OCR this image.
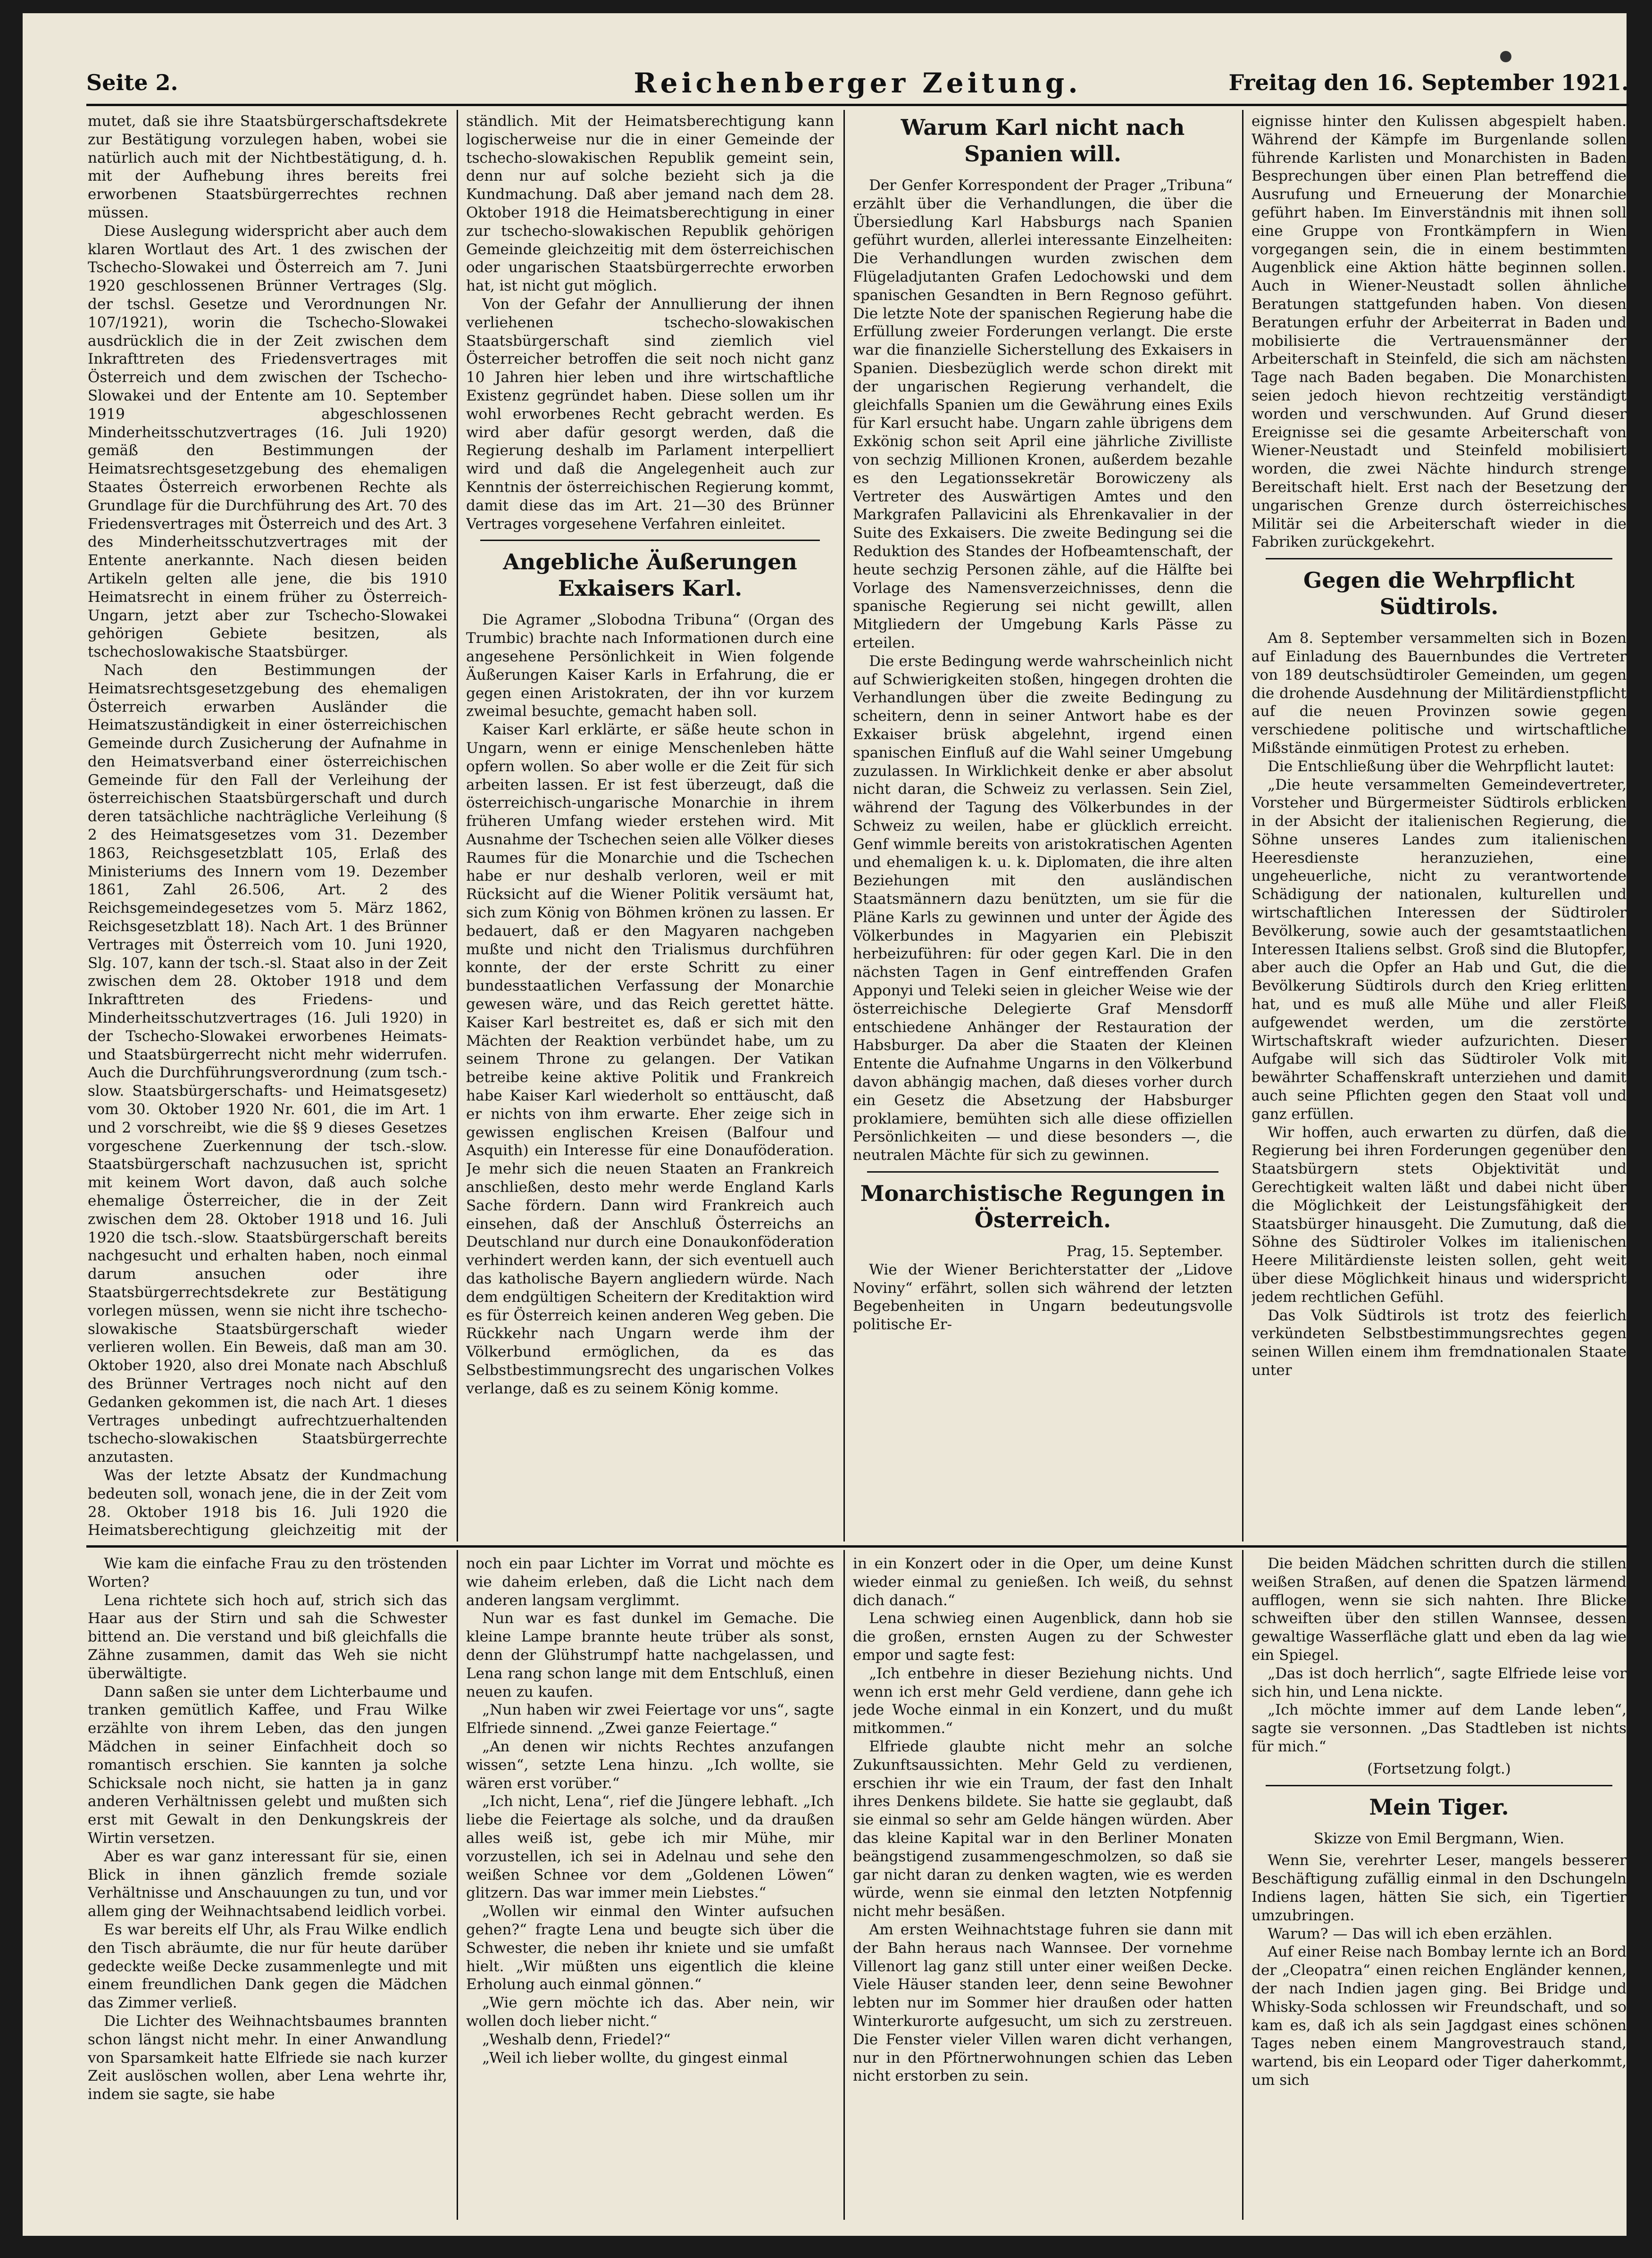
Seite 2.	Reichenberger Zeitung.	Freitag den 16. September 1921.

mutet, daß sie ihre Staatsbürgerschaftsdekrete zur Bestätigung vorzulegen haben, wobei sie natürlich auch mit der Nichtbestätigung, d. h. mit der Aufhebung ihres bereits frei erworbenen Staatsbürgerrechtes rechnen müssen.

Diese Auslegung widerspricht aber auch dem klaren Wortlaut des Art. 1 des zwischen der Tschecho-Slowakei und Österreich am 7. Juni 1920 geschlossenen Brünner Vertrages (Slg. der tschsl. Gesetze und Verordnungen Nr. 107/1921), worin die Tschecho-Slowakei ausdrücklich die in der Zeit zwischen dem Inkrafttreten des Friedensvertrages mit Österreich und dem zwischen der Tschecho-Slowakei und der Entente am 10. September 1919 abgeschlossenen Minderheitsschutzvertrages (16. Juli 1920) gemäß den Bestimmungen der Heimatsrechtsgesetzgebung des ehemaligen Staates Österreich erworbenen Rechte als Grundlage für die Durchführung des Art. 70 des Friedensvertrages mit Österreich und des Art. 3 des Minderheitsschutzvertrages mit der Entente anerkannte. Nach diesen beiden Artikeln gelten alle jene, die bis 1910 Heimatsrecht in einem früher zu Österreich-Ungarn, jetzt aber zur Tschecho-Slowakei gehörigen Gebiete besitzen, als tschechoslowakische Staatsbürger.

Nach den Bestimmungen der Heimatsrechtsgesetzgebung des ehemaligen Österreich erwarben Ausländer die Heimatszuständigkeit in einer österreichischen Gemeinde durch Zusicherung der Aufnahme in den Heimatsverband einer österreichischen Gemeinde für den Fall der Verleihung der österreichischen Staatsbürgerschaft und durch deren tatsächliche nachträgliche Verleihung (§ 2 des Heimatsgesetzes vom 31. Dezember 1863, Reichsgesetzblatt 105, Erlaß des Ministeriums des Innern vom 19. Dezember 1861, Zahl 26.506, Art. 2 des Reichsgemeindegesetzes vom 5. März 1862, Reichsgesetzblatt 18). Nach Art. 1 des Brünner Vertrages mit Österreich vom 10. Juni 1920, Slg. 107, kann der tsch.-sl. Staat also in der Zeit zwischen dem 28. Oktober 1918 und dem Inkrafttreten des Friedens- und Minderheitsschutzvertrages (16. Juli 1920) in der Tschecho-Slowakei erworbenes Heimats- und Staatsbürgerrecht nicht mehr widerrufen. Auch die Durchführungsverordnung (zum tsch.-slow. Staatsbürgerschafts- und Heimatsgesetz) vom 30. Oktober 1920 Nr. 601, die im Art. 1 und 2 vorschreibt, wie die §§ 9 dieses Gesetzes vorgeschene Zuerkennung der tsch.-slow. Staatsbürgerschaft nachzusuchen ist, spricht mit keinem Wort davon, daß auch solche ehemalige Österreicher, die in der Zeit zwischen dem 28. Oktober 1918 und 16. Juli 1920 die tsch.-slow. Staatsbürgerschaft bereits nachgesucht und erhalten haben, noch einmal darum ansuchen oder ihre Staatsbürgerrechtsdekrete zur Bestätigung vorlegen müssen, wenn sie nicht ihre tschecho-slowakische Staatsbürgerschaft wieder verlieren wollen. Ein Beweis, daß man am 30. Oktober 1920, also drei Monate nach Abschluß des Brünner Vertrages noch nicht auf den Gedanken gekommen ist, die nach Art. 1 dieses Vertrages unbedingt aufrechtzuerhaltenden tschecho-slowakischen Staatsbürgerrechte anzutasten.

Was der letzte Absatz der Kundmachung bedeuten soll, wonach jene, die in der Zeit vom 28. Oktober 1918 bis 16. Juli 1920 die Heimatsberechtigung gleichzeitig mit der

ständlich. Mit der Heimatsberechtigung kann logischerweise nur die in einer Gemeinde der tschecho-slowakischen Republik gemeint sein, denn nur auf solche bezieht sich ja die Kundmachung. Daß aber jemand nach dem 28. Oktober 1918 die Heimatsberechtigung in einer zur tschecho-slowakischen Republik gehörigen Gemeinde gleichzeitig mit dem österreichischen oder ungarischen Staatsbürgerrechte erworben hat, ist nicht gut möglich.

Von der Gefahr der Annullierung der ihnen verliehenen tschecho-slowakischen Staatsbürgerschaft sind ziemlich viel Österreicher betroffen die seit noch nicht ganz 10 Jahren hier leben und ihre wirtschaftliche Existenz gegründet haben. Diese sollen um ihr wohl erworbenes Recht gebracht werden. Es wird aber dafür gesorgt werden, daß die Regierung deshalb im Parlament interpelliert wird und daß die Angelegenheit auch zur Kenntnis der österreichischen Regierung kommt, damit diese das im Art. 21—30 des Brünner Vertrages vorgesehene Verfahren einleitet.

Angebliche Äußerungen Exkaisers Karl.

Die Agramer „Slobodna Tribuna“ (Organ des Trumbic) brachte nach Informationen durch eine angesehene Persönlichkeit in Wien folgende Äußerungen Kaiser Karls in Erfahrung, die er gegen einen Aristokraten, der ihn vor kurzem zweimal besuchte, gemacht haben soll.

Kaiser Karl erklärte, er säße heute schon in Ungarn, wenn er einige Menschenleben hätte opfern wollen. So aber wolle er die Zeit für sich arbeiten lassen. Er ist fest überzeugt, daß die österreichisch-ungarische Monarchie in ihrem früheren Umfang wieder erstehen wird. Mit Ausnahme der Tschechen seien alle Völker dieses Raumes für die Monarchie und die Tschechen habe er nur deshalb verloren, weil er mit Rücksicht auf die Wiener Politik versäumt hat, sich zum König von Böhmen krönen zu lassen. Er bedauert, daß er den Magyaren nachgeben mußte und nicht den Trialismus durchführen konnte, der der erste Schritt zu einer bundesstaatlichen Verfassung der Monarchie gewesen wäre, und das Reich gerettet hätte. Kaiser Karl bestreitet es, daß er sich mit den Mächten der Reaktion verbündet habe, um zu seinem Throne zu gelangen. Der Vatikan betreibe keine aktive Politik und Frankreich habe Kaiser Karl wiederholt so enttäuscht, daß er nichts von ihm erwarte. Eher zeige sich in gewissen englischen Kreisen (Balfour und Asquith) ein Interesse für eine Donauföderation. Je mehr sich die neuen Staaten an Frankreich anschließen, desto mehr werde England Karls Sache fördern. Dann wird Frankreich auch einsehen, daß der Anschluß Österreichs an Deutschland nur durch eine Donaukonföderation verhindert werden kann, der sich eventuell auch das katholische Bayern angliedern würde. Nach dem endgültigen Scheitern der Kreditaktion wird es für Österreich keinen anderen Weg geben. Die Rückkehr nach Ungarn werde ihm der Völkerbund ermöglichen, da es das Selbstbestimmungsrecht des ungarischen Volkes verlange, daß es zu seinem König komme.

Warum Karl nicht nach Spanien will.

Der Genfer Korrespondent der Prager „Tribuna“ erzählt über die Verhandlungen, die über die Übersiedlung Karl Habsburgs nach Spanien geführt wurden, allerlei interessante Einzelheiten: Die Verhandlungen wurden zwischen dem Flügeladjutanten Grafen Ledochowski und dem spanischen Gesandten in Bern Regnoso geführt. Die letzte Note der spanischen Regierung habe die Erfüllung zweier Forderungen verlangt. Die erste war die finanzielle Sicherstellung des Exkaisers in Spanien. Diesbezüglich werde schon direkt mit der ungarischen Regierung verhandelt, die gleichfalls Spanien um die Gewährung eines Exils für Karl ersucht habe. Ungarn zahle übrigens dem Exkönig schon seit April eine jährliche Zivilliste von sechzig Millionen Kronen, außerdem bezahle es den Legationssekretär Borowiczeny als Vertreter des Auswärtigen Amtes und den Markgrafen Pallavicini als Ehrenkavalier in der Suite des Exkaisers. Die zweite Bedingung sei die Reduktion des Standes der Hofbeamtenschaft, der heute sechzig Personen zähle, auf die Hälfte bei Vorlage des Namensverzeichnisses, denn die spanische Regierung sei nicht gewillt, allen Mitgliedern der Umgebung Karls Pässe zu erteilen.

Die erste Bedingung werde wahrscheinlich nicht auf Schwierigkeiten stoßen, hingegen drohten die Verhandlungen über die zweite Bedingung zu scheitern, denn in seiner Antwort habe es der Exkaiser brüsk abgelehnt, irgend einen spanischen Einfluß auf die Wahl seiner Umgebung zuzulassen. In Wirklichkeit denke er aber absolut nicht daran, die Schweiz zu verlassen. Sein Ziel, während der Tagung des Völkerbundes in der Schweiz zu weilen, habe er glücklich erreicht. Genf wimmle bereits von aristokratischen Agenten und ehemaligen k. u. k. Diplomaten, die ihre alten Beziehungen mit den ausländischen Staatsmännern dazu benützten, um sie für die Pläne Karls zu gewinnen und unter der Ägide des Völkerbundes in Magyarien ein Plebiszit herbeizuführen: für oder gegen Karl. Die in den nächsten Tagen in Genf eintreffenden Grafen Apponyi und Teleki seien in gleicher Weise wie der österreichische Delegierte Graf Mensdorff entschiedene Anhänger der Restauration der Habsburger. Da aber die Staaten der Kleinen Entente die Aufnahme Ungarns in den Völkerbund davon abhängig machen, daß dieses vorher durch ein Gesetz die Absetzung der Habsburger proklamiere, bemühten sich alle diese offiziellen Persönlichkeiten — und diese besonders —, die neutralen Mächte für sich zu gewinnen.

Monarchistische Regungen in Österreich.

Prag, 15. September.

Wie der Wiener Berichterstatter der „Lidove Noviny“ erfährt, sollen sich während der letzten Begebenheiten in Ungarn bedeutungsvolle politische Er-

eignisse hinter den Kulissen abgespielt haben. Während der Kämpfe im Burgenlande sollen führende Karlisten und Monarchisten in Baden Besprechungen über einen Plan betreffend die Ausrufung und Erneuerung der Monarchie geführt haben. Im Einverständnis mit ihnen soll eine Gruppe von Frontkämpfern in Wien vorgegangen sein, die in einem bestimmten Augenblick eine Aktion hätte beginnen sollen. Auch in Wiener-Neustadt sollen ähnliche Beratungen stattgefunden haben. Von diesen Beratungen erfuhr der Arbeiterrat in Baden und mobilisierte die Vertrauensmänner der Arbeiterschaft in Steinfeld, die sich am nächsten Tage nach Baden begaben. Die Monarchisten seien jedoch hievon rechtzeitig verständigt worden und verschwunden. Auf Grund dieser Ereignisse sei die gesamte Arbeiterschaft von Wiener-Neustadt und Steinfeld mobilisiert worden, die zwei Nächte hindurch strenge Bereitschaft hielt. Erst nach der Besetzung der ungarischen Grenze durch österreichisches Militär sei die Arbeiterschaft wieder in die Fabriken zurückgekehrt.

Gegen die Wehrpflicht Südtirols.

Am 8. September versammelten sich in Bozen auf Einladung des Bauernbundes die Vertreter von 189 deutschsüdtiroler Gemeinden, um gegen die drohende Ausdehnung der Militärdienstpflicht auf die neuen Provinzen sowie gegen verschiedene politische und wirtschaftliche Mißstände einmütigen Protest zu erheben.

Die Entschließung über die Wehrpflicht lautet:

„Die heute versammelten Gemeindevertreter, Vorsteher und Bürgermeister Südtirols erblicken in der Absicht der italienischen Regierung, die Söhne unseres Landes zum italienischen Heeresdienste heranzuziehen, eine ungeheuerliche, nicht zu verantwortende Schädigung der nationalen, kulturellen und wirtschaftlichen Interessen der Südtiroler Bevölkerung, sowie auch der gesamtstaatlichen Interessen Italiens selbst. Groß sind die Blutopfer, aber auch die Opfer an Hab und Gut, die die Bevölkerung Südtirols durch den Krieg erlitten hat, und es muß alle Mühe und aller Fleiß aufgewendet werden, um die zerstörte Wirtschaftskraft wieder aufzurichten. Dieser Aufgabe will sich das Südtiroler Volk mit bewährter Schaffenskraft unterziehen und damit auch seine Pflichten gegen den Staat voll und ganz erfüllen.

Wir hoffen, auch erwarten zu dürfen, daß die Regierung bei ihren Forderungen gegenüber den Staatsbürgern stets Objektivität und Gerechtigkeit walten läßt und dabei nicht über die Möglichkeit der Leistungsfähigkeit der Staatsbürger hinausgeht. Die Zumutung, daß die Söhne des Südtiroler Volkes im italienischen Heere Militärdienste leisten sollen, geht weit über diese Möglichkeit hinaus und widerspricht jedem rechtlichen Gefühl.

Das Volk Südtirols ist trotz des feierlich verkündeten Selbstbestimmungsrechtes gegen seinen Willen einem ihm fremdnationalen Staate unter

Wie kam die einfache Frau zu den tröstenden Worten?

Lena richtete sich hoch auf, strich sich das Haar aus der Stirn und sah die Schwester bittend an. Die verstand und biß gleichfalls die Zähne zusammen, damit das Weh sie nicht überwältigte.

Dann saßen sie unter dem Lichterbaume und tranken gemütlich Kaffee, und Frau Wilke erzählte von ihrem Leben, das den jungen Mädchen in seiner Einfachheit doch so romantisch erschien. Sie kannten ja solche Schicksale noch nicht, sie hatten ja in ganz anderen Verhältnissen gelebt und mußten sich erst mit Gewalt in den Denkungskreis der Wirtin versetzen.

Aber es war ganz interessant für sie, einen Blick in ihnen gänzlich fremde soziale Verhältnisse und Anschauungen zu tun, und vor allem ging der Weihnachtsabend leidlich vorbei.

Es war bereits elf Uhr, als Frau Wilke endlich den Tisch abräumte, die nur für heute darüber gedeckte weiße Decke zusammenlegte und mit einem freundlichen Dank gegen die Mädchen das Zimmer verließ.

Die Lichter des Weihnachtsbaumes brannten schon längst nicht mehr. In einer Anwandlung von Sparsamkeit hatte Elfriede sie nach kurzer Zeit auslöschen wollen, aber Lena wehrte ihr, indem sie sagte, sie habe

noch ein paar Lichter im Vorrat und möchte es wie daheim erleben, daß die Licht nach dem anderen langsam verglimmt.

Nun war es fast dunkel im Gemache. Die kleine Lampe brannte heute trüber als sonst, denn der Glühstrumpf hatte nachgelassen, und Lena rang schon lange mit dem Entschluß, einen neuen zu kaufen.

„Nun haben wir zwei Feiertage vor uns“, sagte Elfriede sinnend. „Zwei ganze Feiertage.“

„An denen wir nichts Rechtes anzufangen wissen“, setzte Lena hinzu. „Ich wollte, sie wären erst vorüber.“

„Ich nicht, Lena“, rief die Jüngere lebhaft. „Ich liebe die Feiertage als solche, und da draußen alles weiß ist, gebe ich mir Mühe, mir vorzustellen, ich sei in Adelnau und sehe den weißen Schnee vor dem „Goldenen Löwen“ glitzern. Das war immer mein Liebstes.“

„Wollen wir einmal den Winter aufsuchen gehen?“ fragte Lena und beugte sich über die Schwester, die neben ihr kniete und sie umfaßt hielt. „Wir müßten uns eigentlich die kleine Erholung auch einmal gönnen.“

„Wie gern möchte ich das. Aber nein, wir wollen doch lieber nicht.“

„Weshalb denn, Friedel?“

„Weil ich lieber wollte, du gingest einmal

in ein Konzert oder in die Oper, um deine Kunst wieder einmal zu genießen. Ich weiß, du sehnst dich danach.“

Lena schwieg einen Augenblick, dann hob sie die großen, ernsten Augen zu der Schwester empor und sagte fest:

„Ich entbehre in dieser Beziehung nichts. Und wenn ich erst mehr Geld verdiene, dann gehe ich jede Woche einmal in ein Konzert, und du mußt mitkommen.“

Elfriede glaubte nicht mehr an solche Zukunftsaussichten. Mehr Geld zu verdienen, erschien ihr wie ein Traum, der fast den Inhalt ihres Denkens bildete. Sie hatte sie geglaubt, daß sie einmal so sehr am Gelde hängen würden. Aber das kleine Kapital war in den Berliner Monaten beängstigend zusammengeschmolzen, so daß sie gar nicht daran zu denken wagten, wie es werden würde, wenn sie einmal den letzten Notpfennig nicht mehr besäßen.

Am ersten Weihnachtstage fuhren sie dann mit der Bahn heraus nach Wannsee. Der vornehme Villenort lag ganz still unter einer weißen Decke. Viele Häuser standen leer, denn seine Bewohner lebten nur im Sommer hier draußen oder hatten Winterkurorte aufgesucht, um sich zu zerstreuen. Die Fenster vieler Villen waren dicht verhangen, nur in den Pförtnerwohnungen schien das Leben nicht erstorben zu sein.

Die beiden Mädchen schritten durch die stillen weißen Straßen, auf denen die Spatzen lärmend aufflogen, wenn sie sich nahten. Ihre Blicke schweiften über den stillen Wannsee, dessen gewaltige Wasserfläche glatt und eben da lag wie ein Spiegel.

„Das ist doch herrlich“, sagte Elfriede leise vor sich hin, und Lena nickte.

„Ich möchte immer auf dem Lande leben“, sagte sie versonnen. „Das Stadtleben ist nichts für mich.“

(Fortsetzung folgt.)

Mein Tiger.

Skizze von Emil Bergmann, Wien.

Wenn Sie, verehrter Leser, mangels besserer Beschäftigung zufällig einmal in den Dschungeln Indiens lagen, hätten Sie sich, ein Tigertier umzubringen.

Warum? — Das will ich eben erzählen.

Auf einer Reise nach Bombay lernte ich an Bord der „Cleopatra“ einen reichen Engländer kennen, der nach Indien jagen ging. Bei Bridge und Whisky-Soda schlossen wir Freundschaft, und so kam es, daß ich als sein Jagdgast eines schönen Tages neben einem Mangrovestrauch stand, wartend, bis ein Leopard oder Tiger daherkommt, um sich
